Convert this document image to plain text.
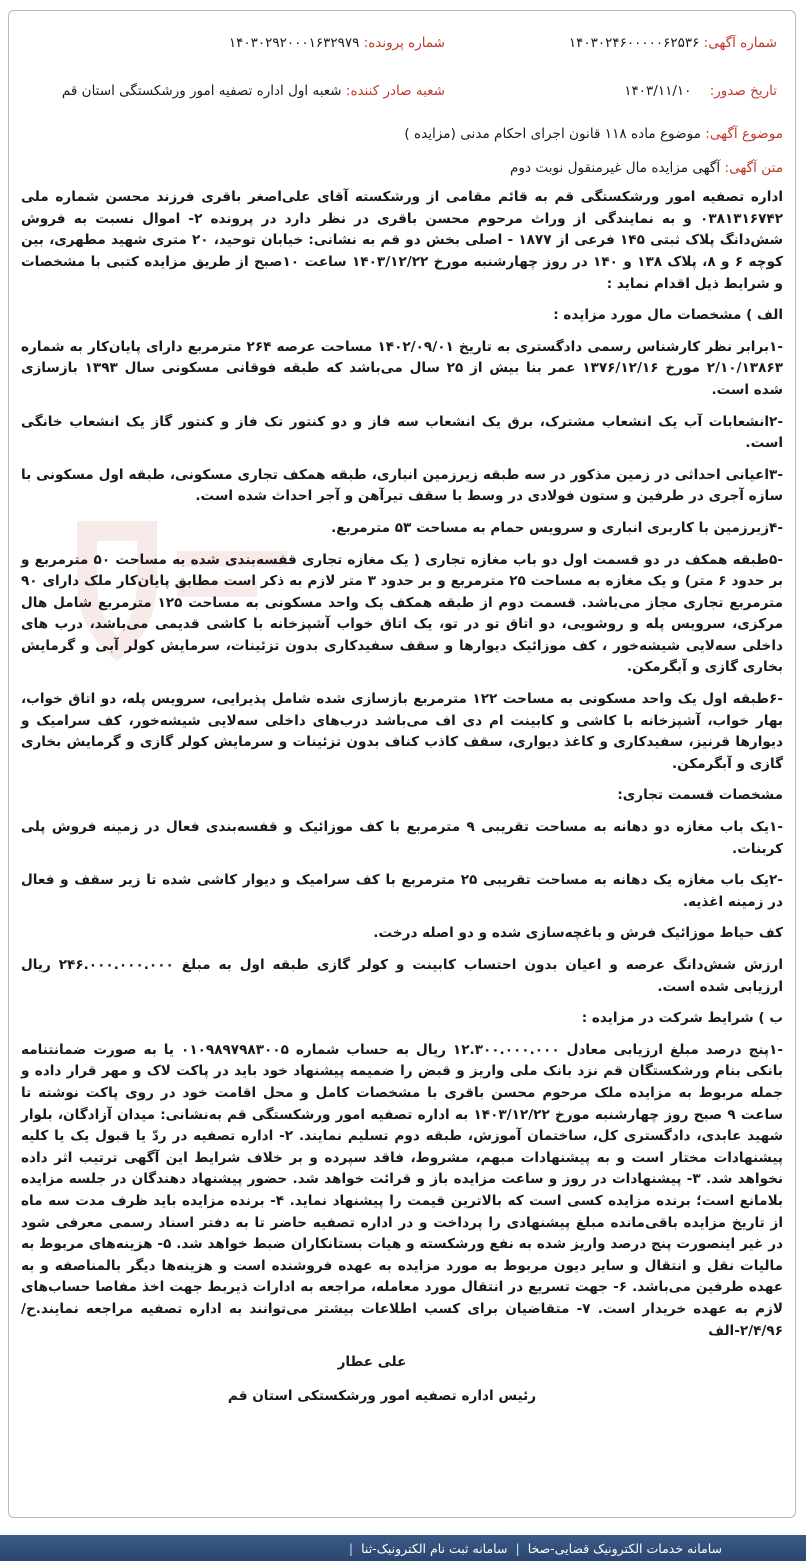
شماره آگهی: ۱۴۰۳۰۲۴۶۰۰۰۰۰۶۲۵۳۶
شماره پرونده: ۱۴۰۳۰۲۹۲۰۰۰۱۶۳۲۹۷۹
تاریخ صدور: ۱۴۰۳/۱۱/۱۰
شعبه صادر کننده: شعبه اول اداره تصفیه امور ورشکستگی استان قم

موضوع آگهی: موضوع ماده ۱۱۸ قانون اجرای احکام مدنی (مزایده )

متن آگهی: آگهی مزایده مال غیرمنقول نوبت دوم

اداره تصفیه امور ورشکستگی قم به قائم مقامی از ورشکسته آقای علی‌اصغر باقری فرزند محسن شماره ملی ۰۳۸۱۳۱۶۷۴۲ و به نمایندگی از وراث مرحوم محسن باقری در نظر دارد در پرونده ۲- اموال نسبت به فروش شش‌دانگ پلاک ثبتی ۱۴۵ فرعی از ۱۸۷۷ - اصلی بخش دو قم به نشانی: خیابان توحید، ۲۰ متری شهید مطهری، بین کوچه ۶ و ۸، پلاک ۱۳۸ و ۱۴۰ در روز چهارشنبه مورخ ۱۴۰۳/۱۲/۲۲ ساعت ۱۰صبح از طریق مزایده کتبی با مشخصات و شرایط ذیل اقدام نماید :

الف ) مشخصات مال مورد مزایده :

-۱برابر نظر کارشناس رسمی دادگستری به تاریخ ۱۴۰۲/۰۹/۰۱ مساحت عرصه ۲۶۴ مترمربع دارای پایان‌کار به شماره ۲/۱۰/۱۳۸۶۳ مورخ ۱۳۷۶/۱۲/۱۶ عمر بنا بیش از ۲۵ سال می‌باشد که طبقه فوقانی مسکونی سال ۱۳۹۳ بازسازی شده است.

-۲انشعابات آب یک انشعاب مشترک، برق یک انشعاب سه فاز و دو کنتور تک فاز و کنتور گاز یک انشعاب خانگی است.

-۳اعیانی احداثی در زمین مذکور در سه طبقه زیرزمین انباری، طبقه همکف تجاری مسکونی، طبقه اول مسکونی با سازه آجری در طرفین و ستون فولادی در وسط با سقف تیرآهن و آجر احداث شده است.

-۴زیرزمین با کاربری انباری و سرویس حمام به مساحت ۵۳ مترمربع.

-۵طبقه همکف در دو قسمت اول دو باب مغازه تجاری ( یک مغازه تجاری قفسه‌بندی شده به مساحت ۵۰ مترمربع و بر حدود ۶ متر) و یک مغازه به مساحت ۲۵ مترمربع و بر حدود ۳ متر لازم به ذکر است مطابق پایان‌کار ملک دارای ۹۰ مترمربع تجاری مجاز می‌باشد. قسمت دوم از طبقه همکف یک واحد مسکونی به مساحت ۱۲۵ مترمربع شامل هال مرکزی، سرویس پله و روشویی، دو اتاق تو در تو، یک اتاق خواب آشپزخانه با کاشی قدیمی می‌باشد، درب های داخلی سه‌لایی شیشه‌خور ، کف موزائیک دیوارها و سقف سفیدکاری بدون تزئینات، سرمایش کولر آبی و گرمایش بخاری گازی و آبگرمکن.

-۶طبقه اول یک واحد مسکونی به مساحت ۱۲۲ مترمربع بازسازی شده شامل پذیرایی، سرویس پله، دو اتاق خواب، بهار خواب، آشپزخانه با کاشی و کابینت ام دی اف می‌باشد درب‌های داخلی سه‌لایی شیشه‌خور، کف سرامیک و دیوارها قرنیز، سفیدکاری و کاغذ دیواری، سقف کاذب کناف بدون تزئینات و سرمایش کولر گازی و گرمایش بخاری گازی و آبگرمکن.

مشخصات قسمت تجاری:

-۱یک باب مغازه دو دهانه به مساحت تقریبی ۹ مترمربع با کف موزائیک و قفسه‌بندی فعال در زمینه فروش پلی کربنات.

-۲یک باب مغازه یک دهانه به مساحت تقریبی ۲۵ مترمربع با کف سرامیک و دیوار کاشی شده تا زیر سقف و فعال در زمینه اغذیه.

کف حیاط موزائیک فرش و باغچه‌سازی شده و دو اصله درخت.

ارزش شش‌دانگ عرصه و اعیان بدون احتساب کابینت و کولر گازی طبقه اول به مبلغ ۲۴۶.۰۰۰.۰۰۰.۰۰۰ ریال ارزیابی شده است.

ب ) شرایط شرکت در مزایده :

-۱پنج درصد مبلغ ارزیابی معادل ۱۲.۳۰۰.۰۰۰.۰۰۰ ریال به حساب شماره ۰۱۰۹۸۹۷۹۸۳۰۰۵ یا به صورت ضمانتنامه بانکی بنام ورشکستگان قم نزد بانک ملی واریز و قبض را ضمیمه پیشنهاد خود باید در پاکت لاک و مهر قرار داده و جمله مربوط به مزایده ملک مرحوم محسن باقری با مشخصات کامل و محل اقامت خود در روی پاکت نوشته تا ساعت ۹ صبح روز چهارشنبه مورخ ۱۴۰۳/۱۲/۲۲ به اداره تصفیه امور ورشکستگی قم به‌نشانی: میدان آزادگان، بلوار شهید عابدی، دادگستری کل، ساختمان آموزش، طبقه دوم تسلیم نمایند. ۲- اداره تصفیه در ردّ یا قبول یک یا کلیه پیشنهادات مختار است و به پیشنهادات مبهم، مشروط، فاقد سپرده و بر خلاف شرایط این آگهی ترتیب اثر داده نخواهد شد. ۳- پیشنهادات در روز و ساعت مزایده باز و قرائت خواهد شد. حضور پیشنهاد دهندگان در جلسه مزایده بلامانع است؛ برنده مزایده کسی است که بالاترین قیمت را پیشنهاد نماید. ۴- برنده مزایده باید ظرف مدت سه ماه از تاریخ مزایده باقی‌مانده مبلغ پیشنهادی را پرداخت و در اداره تصفیه حاضر تا به دفتر اسناد رسمی معرفی شود در غیر اینصورت پنج درصد واریز شده به نفع ورشکسته و هیات بستانکاران ضبط خواهد شد. ۵- هزینه‌های مربوط به مالیات نقل و انتقال و سایر دیون مربوط به مورد مزایده به عهده فروشنده است و هزینه‌ها دیگر بالمناصفه و به عهده طرفین می‌باشد. ۶- جهت تسریع در انتقال مورد معامله، مراجعه به ادارات ذیربط جهت اخذ مفاصا حساب‌های لازم به عهده خریدار است. ۷- متقاضیان برای کسب اطلاعات بیشتر می‌توانند به اداره تصفیه مراجعه نمایند.ح/۲/۴/۹۶-الف

علی عطار
رئیس اداره تصفیه امور ورشکستکی استان قم
سامانه خدمات الکترونیک قضایی-صخا
|
سامانه ثبت نام الکترونیک-ثنا
|
